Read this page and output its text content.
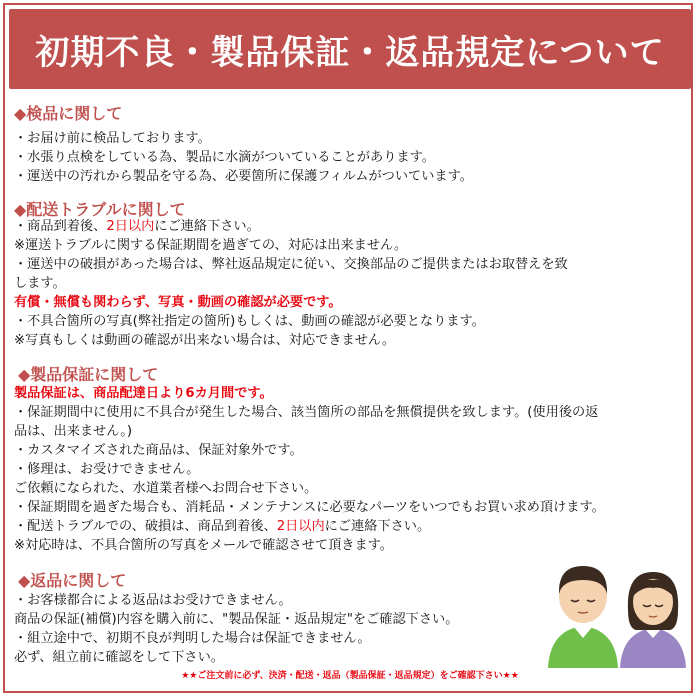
初期不良・製品保証・返品規定について
◆検品に関して
・お届け前に検品しております。
・水張り点検をしている為、製品に水滴がついていることがあります。
・運送中の汚れから製品を守る為、必要箇所に保護フィルムがついています。
◆配送トラブルに関して
・商品到着後、2日以内にご連絡下さい。
※運送トラブルに関する保証期間を過ぎての、対応は出来ません。
・運送中の破損があった場合は、弊社返品規定に従い、交換部品のご提供またはお取替えを致
します。
有償・無償も関わらず、写真・動画の確認が必要です。
・不具合箇所の写真(弊社指定の箇所)もしくは、動画の確認が必要となります。
※写真もしくは動画の確認が出来ない場合は、対応できません。
◆製品保証に関して
製品保証は、商品配達日より6カ月間です。
・保証期間中に使用に不具合が発生した場合、該当箇所の部品を無償提供を致します。(使用後の返
品は、出来ません。)
・カスタマイズされた商品は、保証対象外です。
・修理は、お受けできません。
ご依頼になられた、水道業者様へお問合せ下さい。
・保証期間を過ぎた場合も、消耗品・メンテナンスに必要なパーツをいつでもお買い求め頂けます。
・配送トラブルでの、破損は、商品到着後、2日以内にご連絡下さい。
※対応時は、不具合箇所の写真をメールで確認させて頂きます。
◆返品に関して
・お客様都合による返品はお受けできません。
商品の保証(補償)内容を購入前に、"製品保証・返品規定"をご確認下さい。
・組立途中で、初期不良が判明した場合は保証できません。
必ず、組立前に確認をして下さい。
★★ご注文前に必ず、決済・配送・返品（製品保証・返品規定）をご確認下さい★★
